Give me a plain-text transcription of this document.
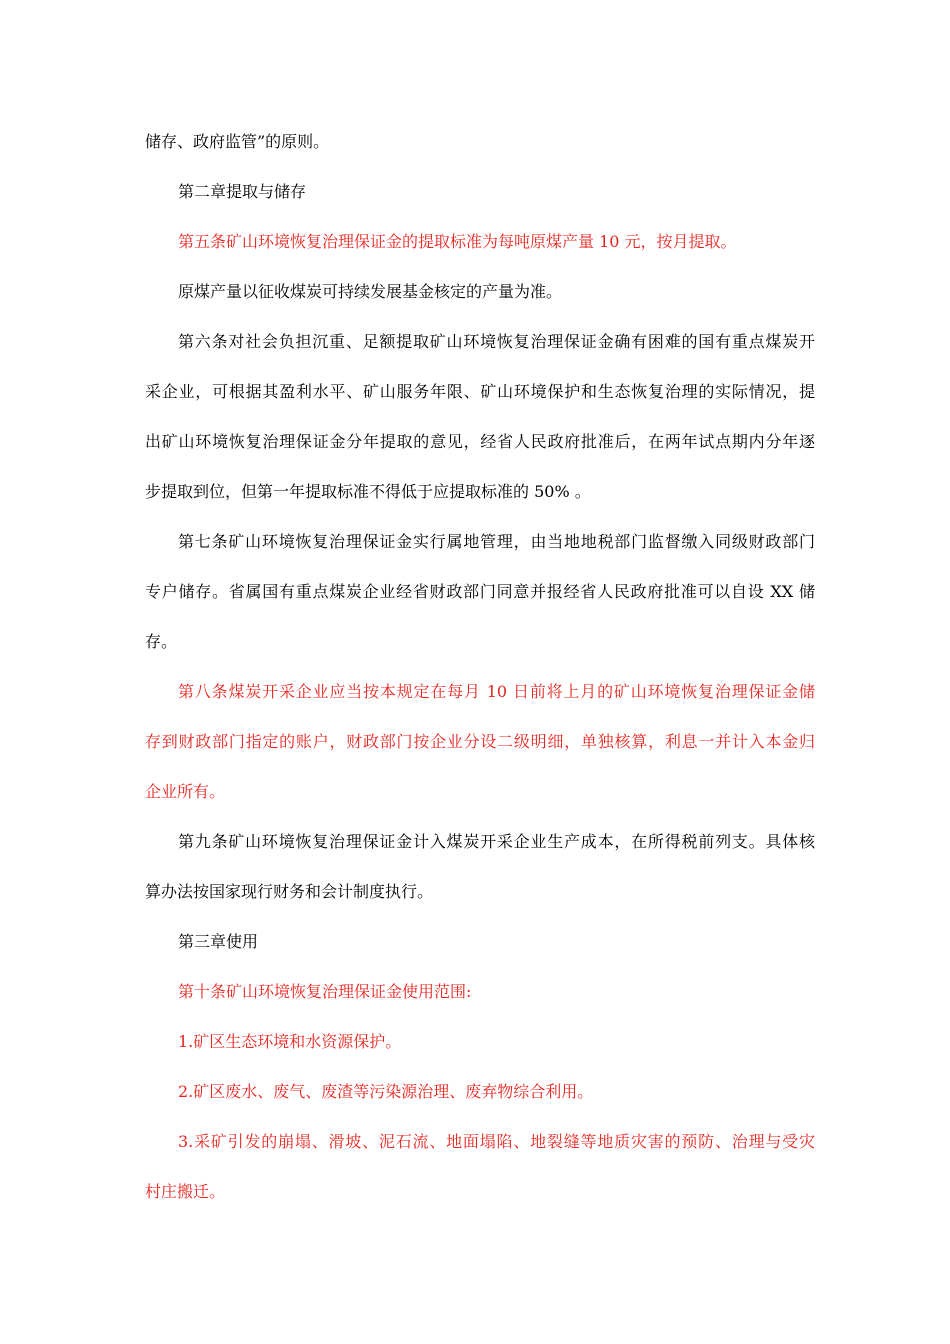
储存、政府监管”的原则。
第二章提取与储存
第五条矿山环境恢复治理保证金的提取标准为每吨原煤产量 10 元，按月提取。
原煤产量以征收煤炭可持续发展基金核定的产量为准。
第六条对社会负担沉重、足额提取矿山环境恢复治理保证金确有困难的国有重点煤炭开
采企业，可根据其盈利水平、矿山服务年限、矿山环境保护和生态恢复治理的实际情况，提
出矿山环境恢复治理保证金分年提取的意见，经省人民政府批准后，在两年试点期内分年逐
步提取到位，但第一年提取标准不得低于应提取标准的 50% 。
第七条矿山环境恢复治理保证金实行属地管理，由当地地税部门监督缴入同级财政部门
专户储存。省属国有重点煤炭企业经省财政部门同意并报经省人民政府批准可以自设 XX 储
存。
第八条煤炭开采企业应当按本规定在每月 10 日前将上月的矿山环境恢复治理保证金储
存到财政部门指定的账户，财政部门按企业分设二级明细，单独核算，利息一并计入本金归
企业所有。
第九条矿山环境恢复治理保证金计入煤炭开采企业生产成本，在所得税前列支。具体核
算办法按国家现行财务和会计制度执行。
第三章使用
第十条矿山环境恢复治理保证金使用范围:
1.矿区生态环境和水资源保护。
2.矿区废水、废气、废渣等污染源治理、废弃物综合利用。
3.采矿引发的崩塌、滑坡、泥石流、地面塌陷、地裂缝等地质灾害的预防、治理与受灾
村庄搬迁。
